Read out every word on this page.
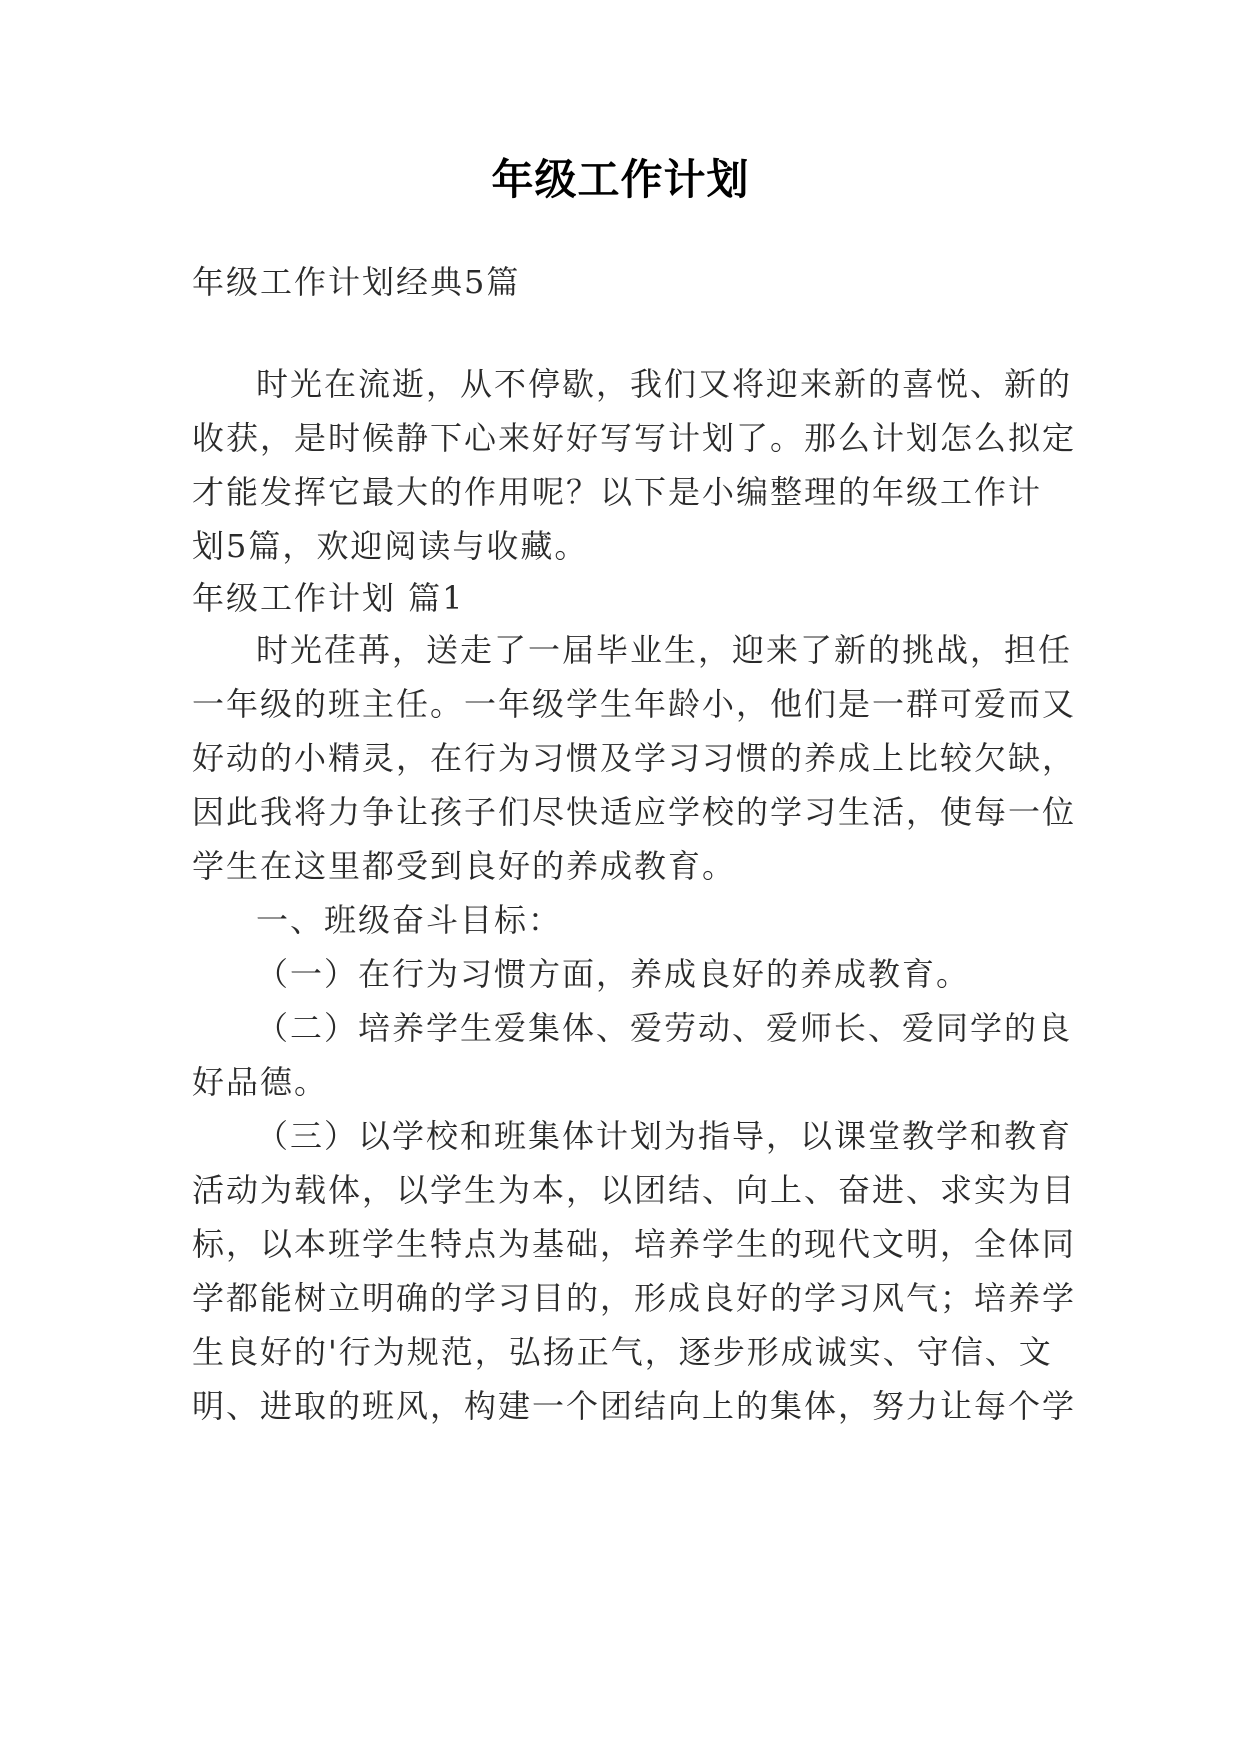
年级工作计划
年级工作计划经典5篇
时光在流逝，从不停歇，我们又将迎来新的喜悦、新的
收获，是时候静下心来好好写写计划了。那么计划怎么拟定
才能发挥它最大的作用呢？以下是小编整理的年级工作计
划5篇，欢迎阅读与收藏。
年级工作计划 篇1
时光荏苒，送走了一届毕业生，迎来了新的挑战，担任
一年级的班主任。一年级学生年龄小，他们是一群可爱而又
好动的小精灵，在行为习惯及学习习惯的养成上比较欠缺，
因此我将力争让孩子们尽快适应学校的学习生活，使每一位
学生在这里都受到良好的养成教育。
一、班级奋斗目标：
（一）在行为习惯方面，养成良好的养成教育。
（二）培养学生爱集体、爱劳动、爱师长、爱同学的良
好品德。
（三）以学校和班集体计划为指导，以课堂教学和教育
活动为载体，以学生为本，以团结、向上、奋进、求实为目
标，以本班学生特点为基础，培养学生的现代文明，全体同
学都能树立明确的学习目的，形成良好的学习风气；培养学
生良好的'行为规范，弘扬正气，逐步形成诚实、守信、文
明、进取的班风，构建一个团结向上的集体，努力让每个学
